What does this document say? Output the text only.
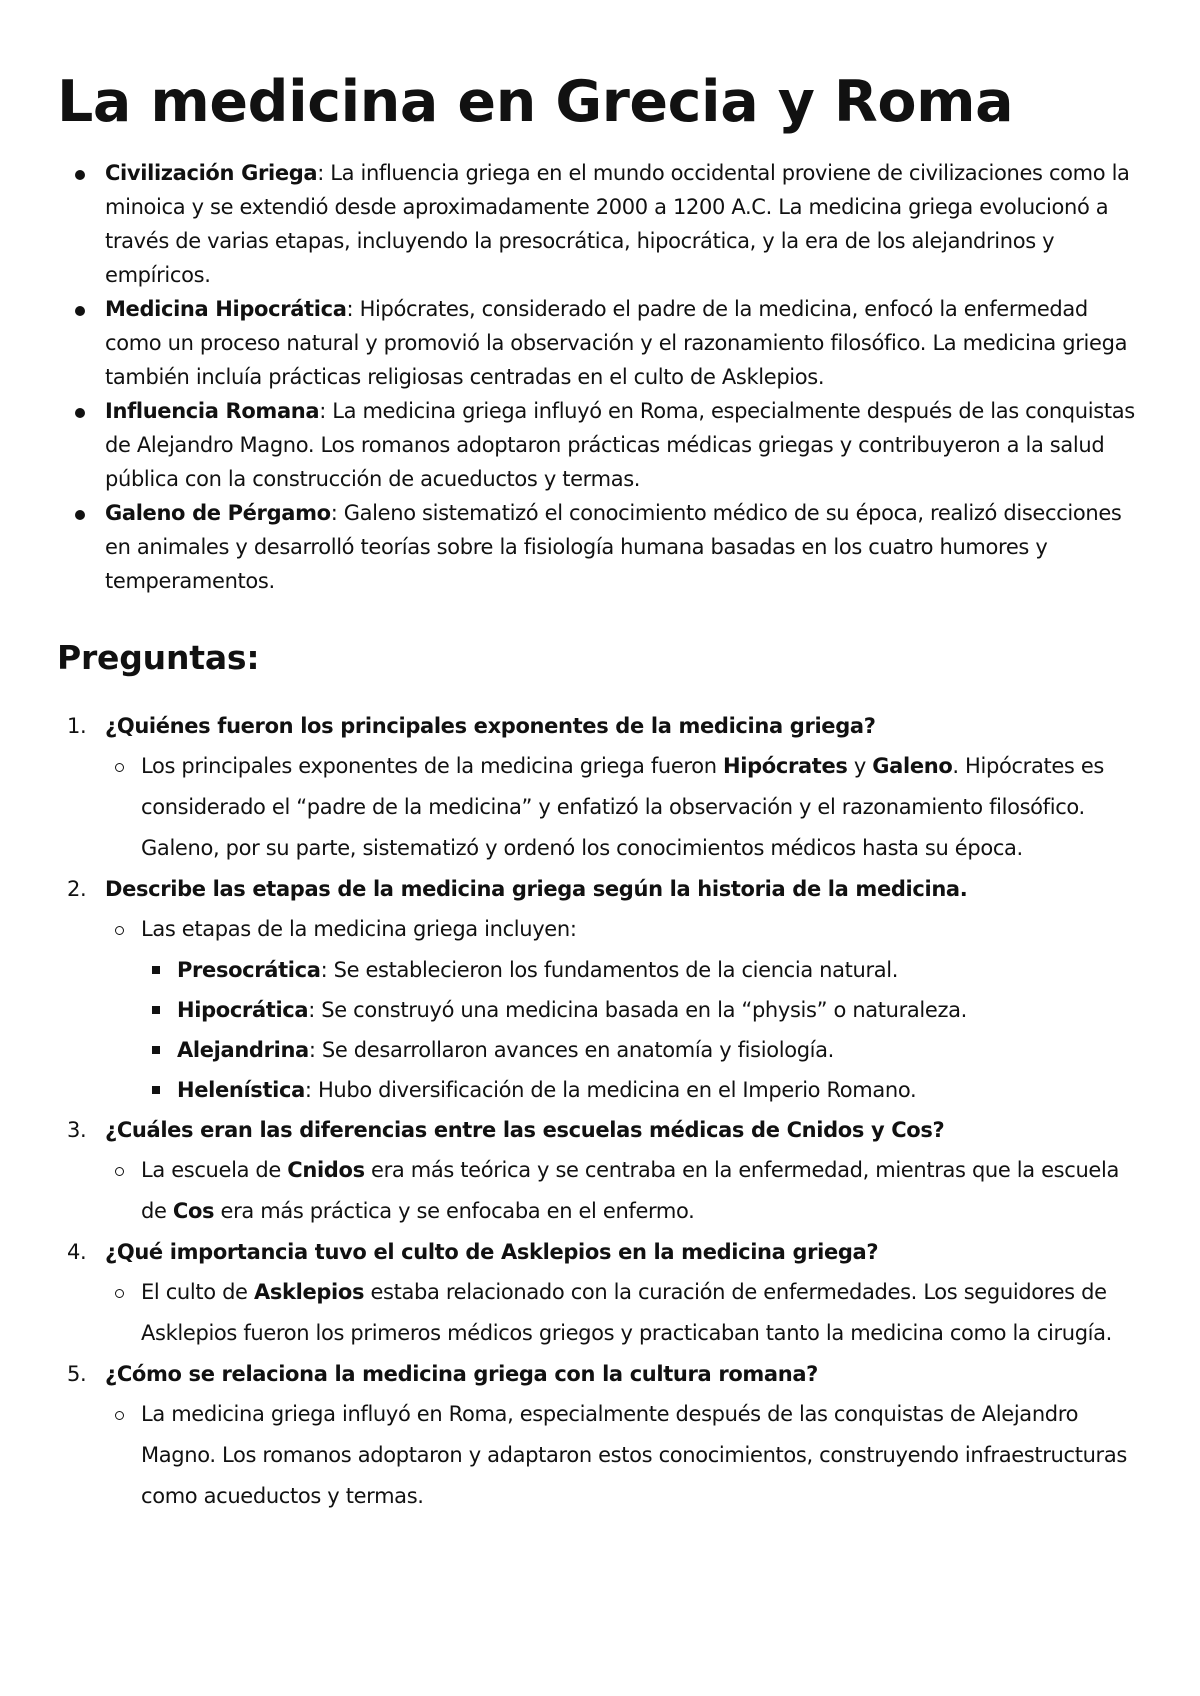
La medicina en Grecia y Roma
Civilización Griega: La influencia griega en el mundo occidental proviene de civilizaciones como la minoica y se extendió desde aproximadamente 2000 a 1200 A.C. La medicina griega evolucionó a través de varias etapas, incluyendo la presocrática, hipocrática, y la era de los alejandrinos y empíricos.
Medicina Hipocrática: Hipócrates, considerado el padre de la medicina, enfocó la enfermedad como un proceso natural y promovió la observación y el razonamiento filosófico. La medicina griega también incluía prácticas religiosas centradas en el culto de Asklepios.
Influencia Romana: La medicina griega influyó en Roma, especialmente después de las conquistas de Alejandro Magno. Los romanos adoptaron prácticas médicas griegas y contribuyeron a la salud pública con la construcción de acueductos y termas.
Galeno de Pérgamo: Galeno sistematizó el conocimiento médico de su época, realizó disecciones en animales y desarrolló teorías sobre la fisiología humana basadas en los cuatro humores y temperamentos.
Preguntas:
1. ¿Quiénes fueron los principales exponentes de la medicina griega?
Los principales exponentes de la medicina griega fueron Hipócrates y Galeno. Hipócrates es considerado el “padre de la medicina” y enfatizó la observación y el razonamiento filosófico. Galeno, por su parte, sistematizó y ordenó los conocimientos médicos hasta su época.
2. Describe las etapas de la medicina griega según la historia de la medicina.
Las etapas de la medicina griega incluyen:
Presocrática: Se establecieron los fundamentos de la ciencia natural.
Hipocrática: Se construyó una medicina basada en la “physis” o naturaleza.
Alejandrina: Se desarrollaron avances en anatomía y fisiología.
Helenística: Hubo diversificación de la medicina en el Imperio Romano.
3. ¿Cuáles eran las diferencias entre las escuelas médicas de Cnidos y Cos?
La escuela de Cnidos era más teórica y se centraba en la enfermedad, mientras que la escuela de Cos era más práctica y se enfocaba en el enfermo.
4. ¿Qué importancia tuvo el culto de Asklepios en la medicina griega?
El culto de Asklepios estaba relacionado con la curación de enfermedades. Los seguidores de Asklepios fueron los primeros médicos griegos y practicaban tanto la medicina como la cirugía.
5. ¿Cómo se relaciona la medicina griega con la cultura romana?
La medicina griega influyó en Roma, especialmente después de las conquistas de Alejandro Magno. Los romanos adoptaron y adaptaron estos conocimientos, construyendo infraestructuras como acueductos y termas.
